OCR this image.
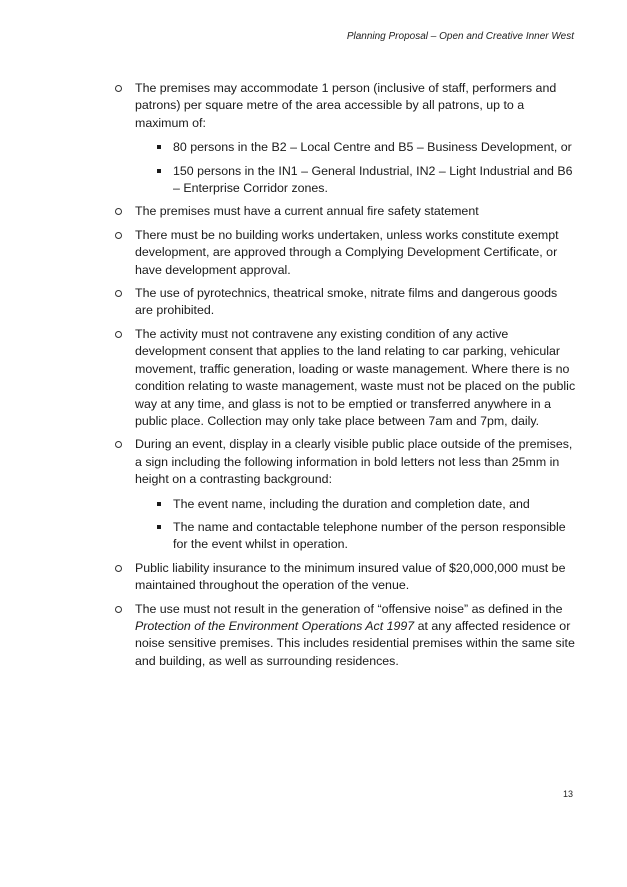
Planning Proposal – Open and Creative Inner West
The premises may accommodate 1 person (inclusive of staff, performers and patrons) per square metre of the area accessible by all patrons, up to a maximum of:
80 persons in the B2 – Local Centre and B5 – Business Development, or
150 persons in the IN1 – General Industrial, IN2 – Light Industrial and B6 – Enterprise Corridor zones.
The premises must have a current annual fire safety statement
There must be no building works undertaken, unless works constitute exempt development, are approved through a Complying Development Certificate, or have development approval.
The use of pyrotechnics, theatrical smoke, nitrate films and dangerous goods are prohibited.
The activity must not contravene any existing condition of any active development consent that applies to the land relating to car parking, vehicular movement, traffic generation, loading or waste management. Where there is no condition relating to waste management, waste must not be placed on the public way at any time, and glass is not to be emptied or transferred anywhere in a public place. Collection may only take place between 7am and 7pm, daily.
During an event, display in a clearly visible public place outside of the premises, a sign including the following information in bold letters not less than 25mm in height on a contrasting background:
The event name, including the duration and completion date, and
The name and contactable telephone number of the person responsible for the event whilst in operation.
Public liability insurance to the minimum insured value of $20,000,000 must be maintained throughout the operation of the venue.
The use must not result in the generation of “offensive noise” as defined in the Protection of the Environment Operations Act 1997 at any affected residence or noise sensitive premises. This includes residential premises within the same site and building, as well as surrounding residences.
13
